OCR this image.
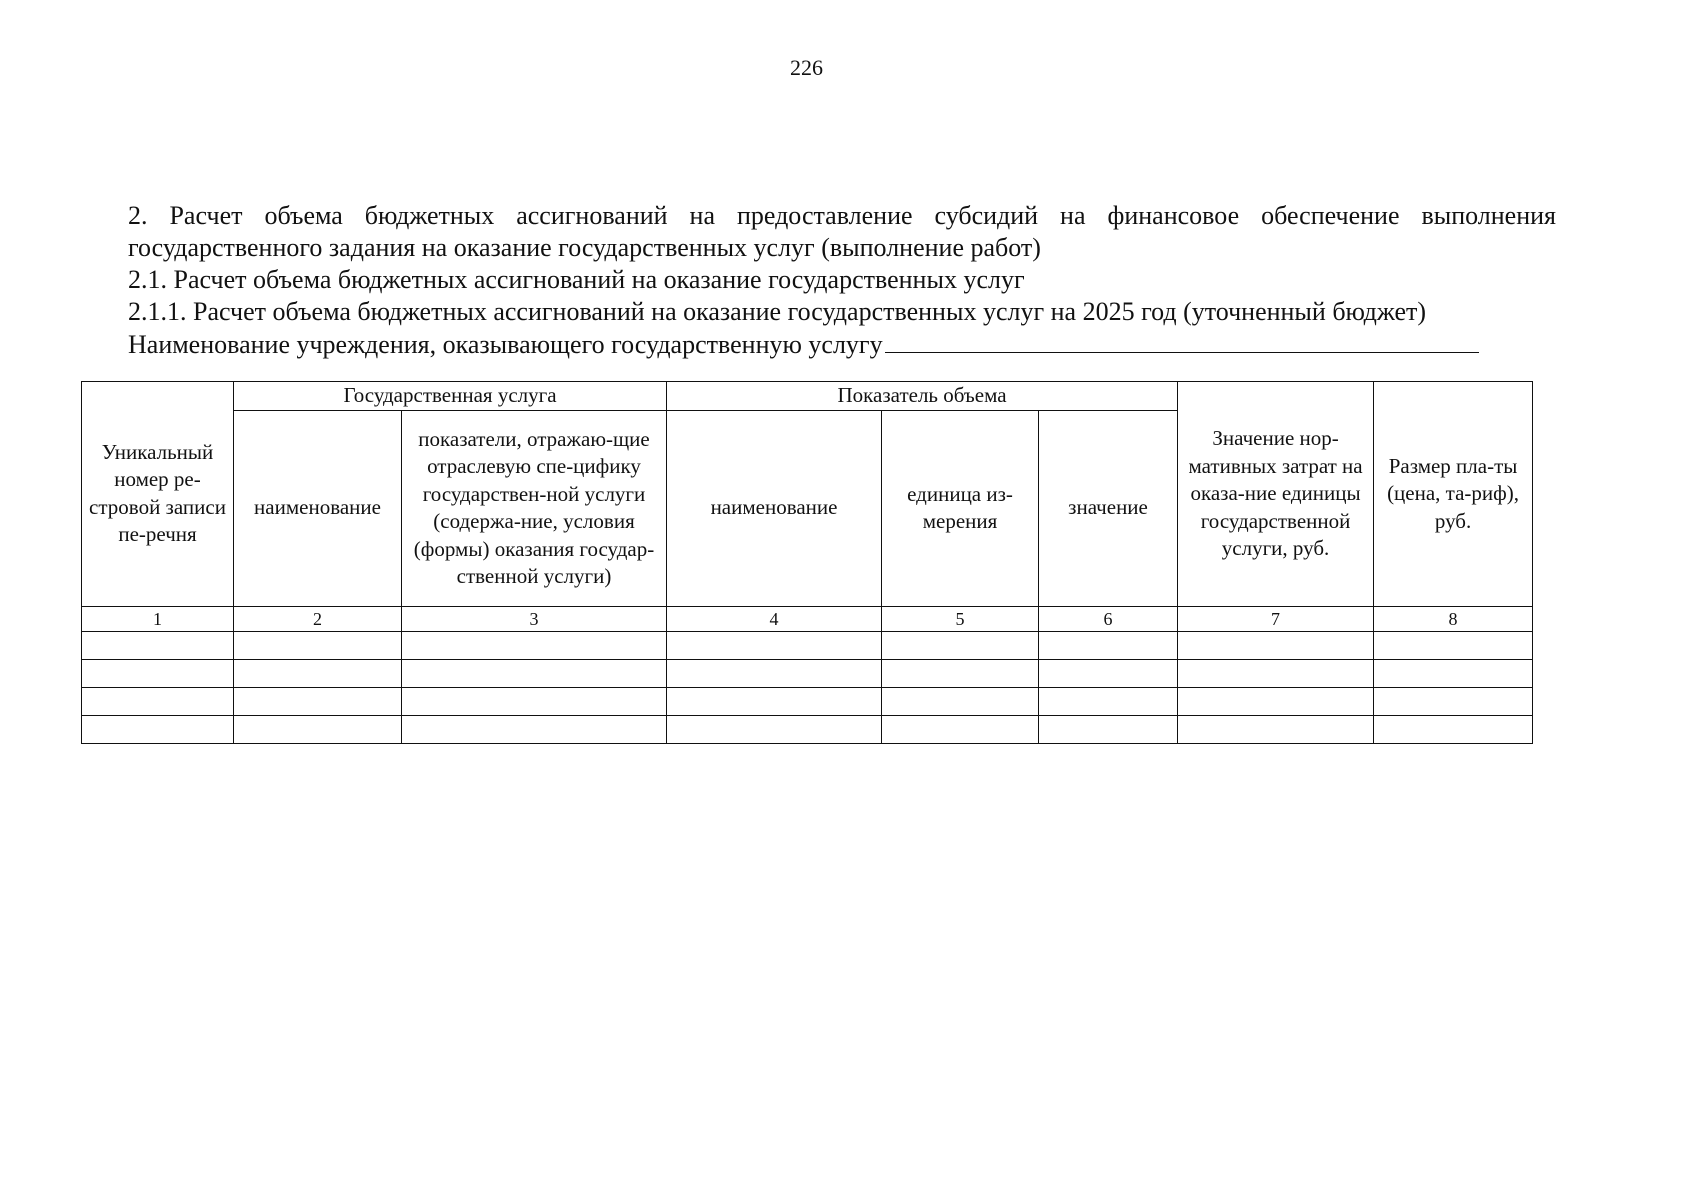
226
2. Расчет объема бюджетных ассигнований на предоставление субсидий на финансовое обеспечение выполнения
государственного задания на оказание государственных услуг (выполнение работ)
2.1. Расчет объема бюджетных ассигнований на оказание государственных услуг
2.1.1. Расчет объема бюджетных ассигнований на оказание государственных услуг на 2025 год (уточненный бюджет)
Наименование учреждения, оказывающего государственную услугу
Уникальный номер ре-стровой записи пе-речня	Государственная услуга		Показатель объема			Значение нор-мативных затрат на оказа-ние единицы государственной услуги, руб.	Размер пла-ты (цена, та-риф), руб.

	наименование	показатели, отражаю-щие отраслевую спе-цифику государствен-ной услуги (содержа-ние, условия (формы) оказания государ-ственной услуги)	наименование	единица из-мерения	значение		

1	2	3	4	5	6	7	8
